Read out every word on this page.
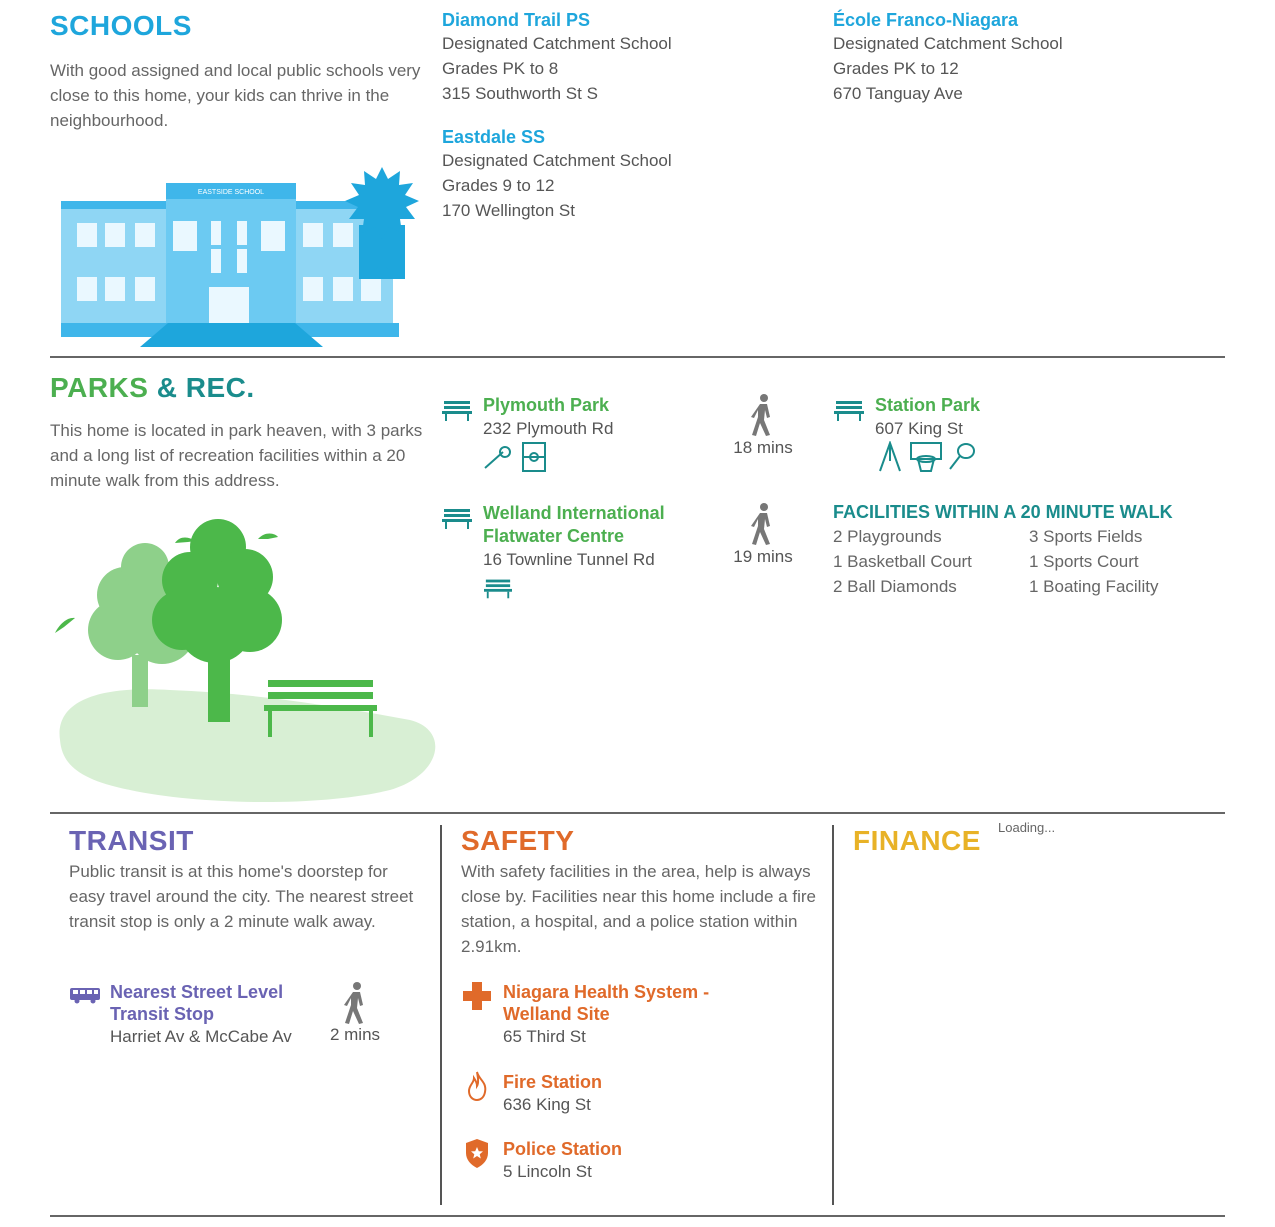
SCHOOLS
With good assigned and local public schools very close to this home, your kids can thrive in the neighbourhood.
EASTSIDE SCHOOL
Diamond Trail PS
Designated Catchment School
Grades PK to 8
315 Southworth St S
École Franco-Niagara
Designated Catchment School
Grades PK to 12
670 Tanguay Ave
Eastdale SS
Designated Catchment School
Grades 9 to 12
170 Wellington St
PARKS & REC.
This home is located in park heaven, with 3 parks and a long list of recreation facilities within a 20 minute walk from this address.
Plymouth Park
232 Plymouth Rd
18 mins
Station Park
607 King St
Welland International
Flatwater Centre
16 Townline Tunnel Rd	19 mins
FACILITIES WITHIN A 20 MINUTE WALK
2 Playgrounds
1 Basketball Court
2 Ball Diamonds
3 Sports Fields
1 Sports Court
1 Boating Facility
TRANSIT
Public transit is at this home's doorstep for easy travel around the city. The nearest street transit stop is only a 2 minute walk away.
Nearest Street Level
Transit Stop
Harriet Av & McCabe Av	2 mins
SAFETY
With safety facilities in the area, help is always close by. Facilities near this home include a fire station, a hospital, and a police station within 2.91km.
Niagara Health System -
Welland Site
65 Third St
Fire Station
636 King St
Police Station
5 Lincoln St
FINANCE Loading...
